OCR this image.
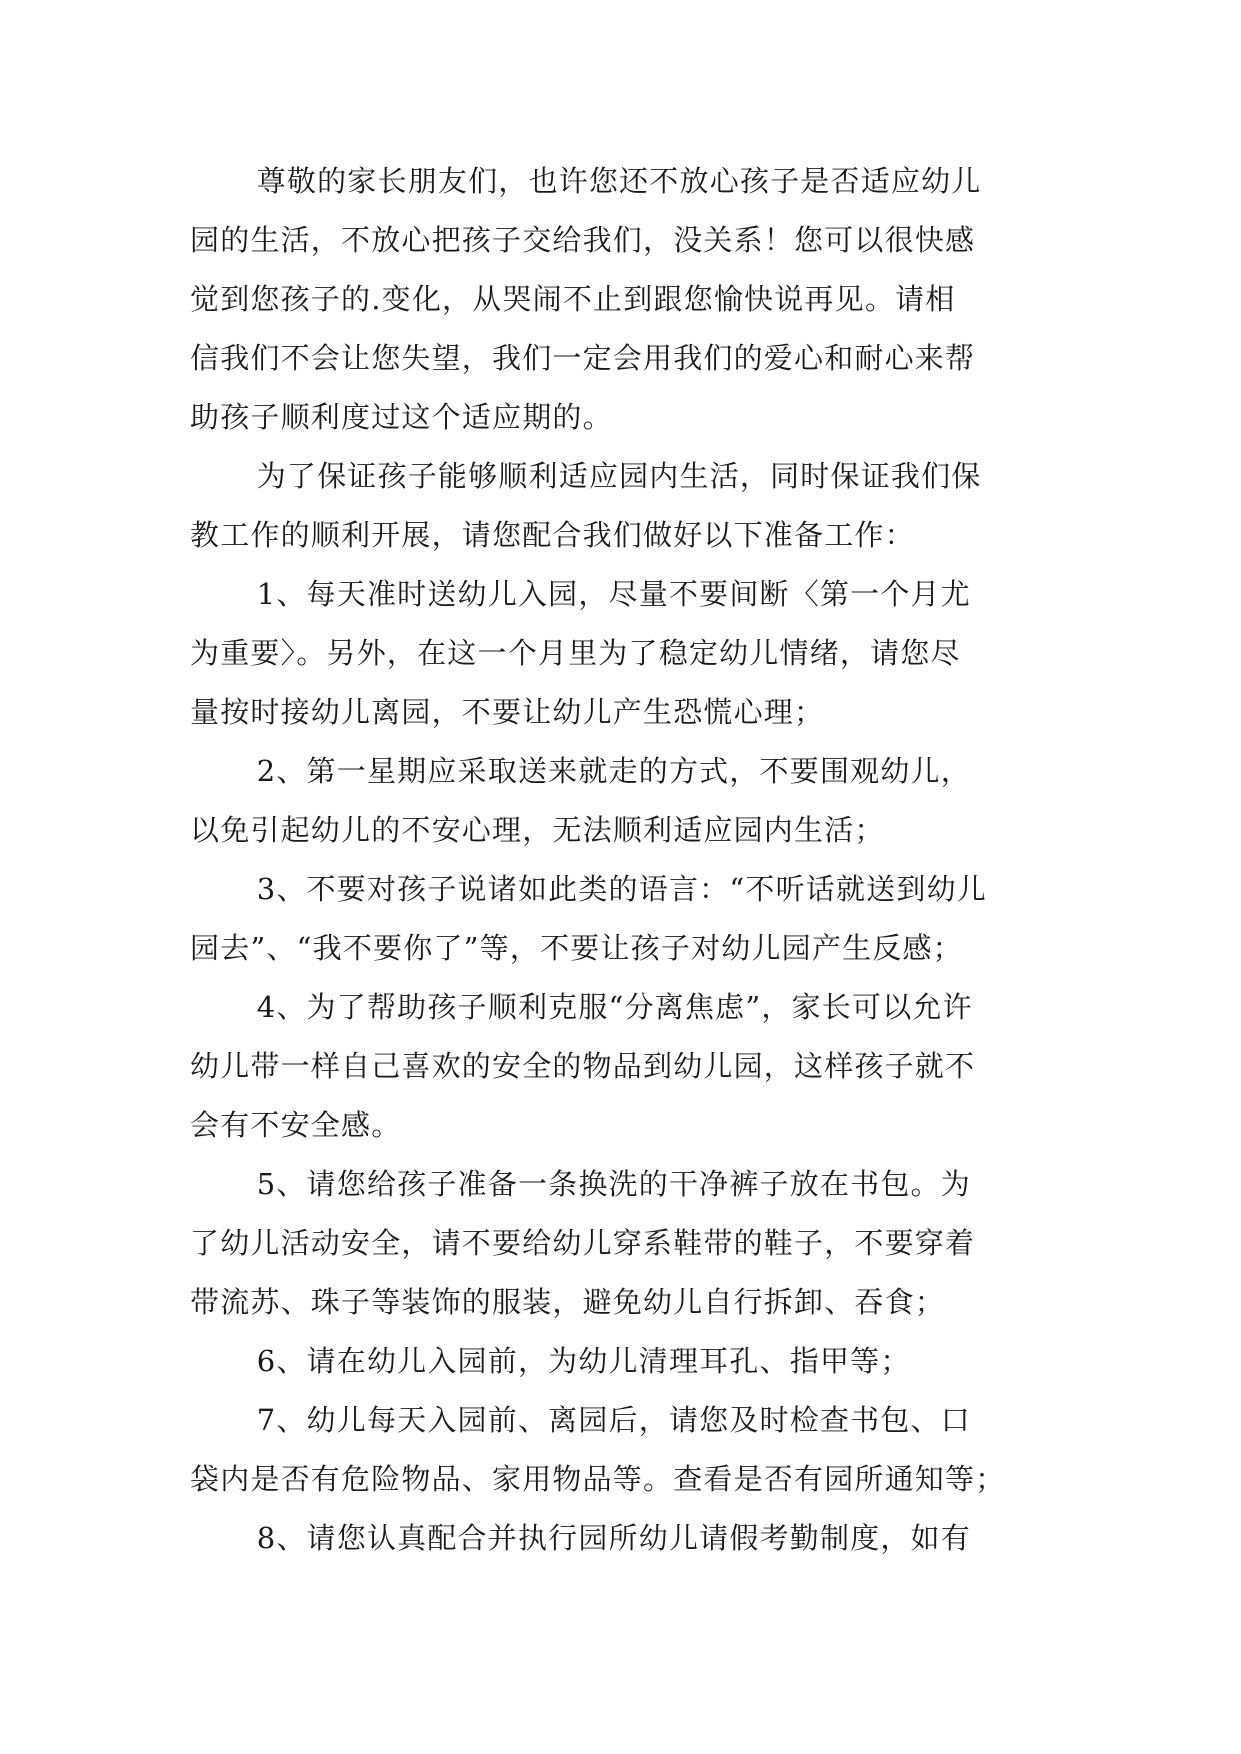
尊敬的家长朋友们，也许您还不放心孩子是否适应幼儿
园的生活，不放心把孩子交给我们，没关系！您可以很快感
觉到您孩子的.变化，从哭闹不止到跟您愉快说再见。请相
信我们不会让您失望，我们一定会用我们的爱心和耐心来帮
助孩子顺利度过这个适应期的。

为了保证孩子能够顺利适应园内生活，同时保证我们保
教工作的顺利开展，请您配合我们做好以下准备工作：

1、每天准时送幼儿入园，尽量不要间断〈第一个月尤
为重要〉。另外，在这一个月里为了稳定幼儿情绪，请您尽
量按时接幼儿离园，不要让幼儿产生恐慌心理；

2、第一星期应采取送来就走的方式，不要围观幼儿，
以免引起幼儿的不安心理，无法顺利适应园内生活；

3、不要对孩子说诸如此类的语言：“不听话就送到幼儿
园去”、“我不要你了”等，不要让孩子对幼儿园产生反感；

4、为了帮助孩子顺利克服“分离焦虑”，家长可以允许
幼儿带一样自己喜欢的安全的物品到幼儿园，这样孩子就不
会有不安全感。

5、请您给孩子准备一条换洗的干净裤子放在书包。为
了幼儿活动安全，请不要给幼儿穿系鞋带的鞋子，不要穿着
带流苏、珠子等装饰的服装，避免幼儿自行拆卸、吞食；

6、请在幼儿入园前，为幼儿清理耳孔、指甲等；

7、幼儿每天入园前、离园后，请您及时检查书包、口
袋内是否有危险物品、家用物品等。查看是否有园所通知等；

8、请您认真配合并执行园所幼儿请假考勤制度，如有
